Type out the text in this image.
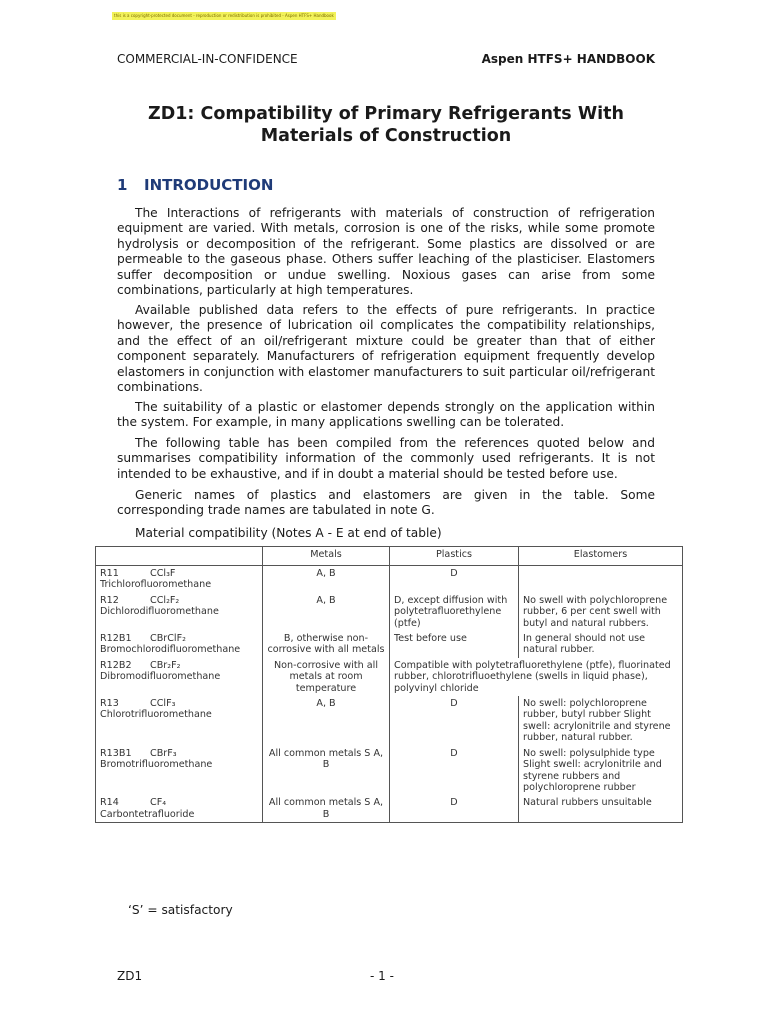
this is a copyright-protected document - reproduction or redistribution is prohibited - Aspen HTFS+ Handbook
COMMERCIAL-IN-CONFIDENCE	Aspen HTFS+ HANDBOOK
ZD1: Compatibility of Primary Refrigerants With
Materials of Construction
1 INTRODUCTION

The Interactions of refrigerants with materials of construction of refrigeration equipment are varied. With metals, corrosion is one of the risks, while some promote hydrolysis or decomposition of the refrigerant. Some plastics are dissolved or are permeable to the gaseous phase. Others suffer leaching of the plasticiser. Elastomers suffer decomposition or undue swelling. Noxious gases can arise from some combinations, particularly at high temperatures.

Available published data refers to the effects of pure refrigerants. In practice however, the presence of lubrication oil complicates the compatibility relationships, and the effect of an oil/refrigerant mixture could be greater than that of either component separately. Manufacturers of refrigeration equipment frequently develop elastomers in conjunction with elastomer manufacturers to suit particular oil/refrigerant combinations.

The suitability of a plastic or elastomer depends strongly on the application within the system. For example, in many applications swelling can be tolerated.

The following table has been compiled from the references quoted below and summarises compatibility information of the commonly used refrigerants. It is not intended to be exhaustive, and if in doubt a material should be tested before use.

Generic names of plastics and elastomers are given in the table. Some corresponding trade names are tabulated in note G.

Material compatibility (Notes A - E at end of table)
	Metals	Plastics	Elastomers
R11 CCl₃F
Trichlorofluoromethane	A, B	D	
R12 CCl₂F₂
Dichlorodifluoromethane	A, B	D, except diffusion with polytetrafluorethylene (ptfe)	No swell with polychloroprene rubber, 6 per cent swell with butyl and natural rubbers.
R12B1 CBrClF₂
Bromochlorodifluoromethane	B, otherwise non-corrosive with all metals	Test before use	In general should not use natural rubber.
R12B2 CBr₂F₂
Dibromodifluoromethane	Non-corrosive with all metals at room temperature	Compatible with polytetrafluorethylene (ptfe), fluorinated rubber, chlorotrifluoethylene (swells in liquid phase), polyvinyl chloride	
R13 CClF₃
Chlorotrifluoromethane	A, B	D	No swell: polychloroprene rubber, butyl rubber Slight swell: acrylonitrile and styrene rubber, natural rubber.
R13B1 CBrF₃
Bromotrifluoromethane	All common metals S A, B	D	No swell: polysulphide type Slight swell: acrylonitrile and styrene rubbers and polychloroprene rubber
R14 CF₄
Carbontetrafluoride	All common metals S A, B	D	Natural rubbers unsuitable
‘S’ = satisfactory
ZD1	- 1 -
